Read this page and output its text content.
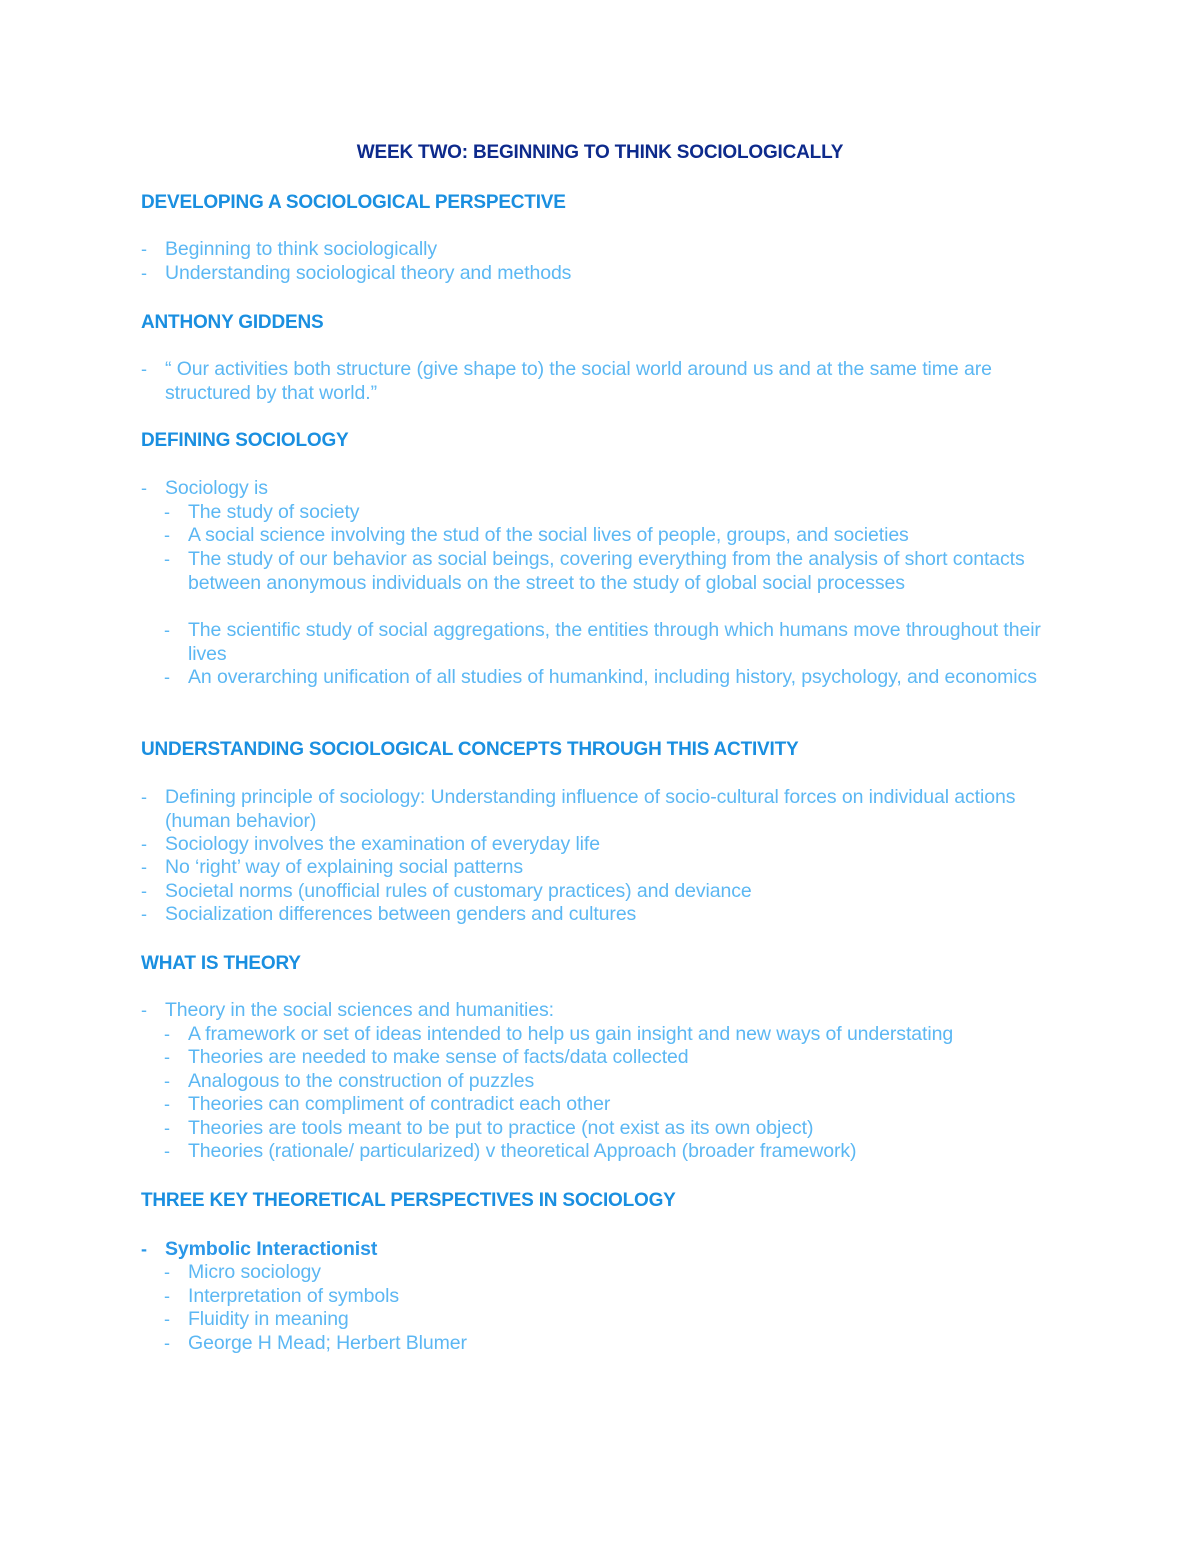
WEEK TWO: BEGINNING TO THINK SOCIOLOGICALLY
DEVELOPING A SOCIOLOGICAL PERSPECTIVE
- Beginning to think sociologically
- Understanding sociological theory and methods
ANTHONY GIDDENS
- “ Our activities both structure (give shape to) the social world around us and at the same time are structured by that world.”
DEFINING SOCIOLOGY
- Sociology is
- The study of society
- A social science involving the stud of the social lives of people, groups, and societies
- The study of our behavior as social beings, covering everything from the analysis of short contacts between anonymous individuals on the street to the study of global social processes
- The scientific study of social aggregations, the entities through which humans move throughout their lives
- An overarching unification of all studies of humankind, including history, psychology, and economics
UNDERSTANDING SOCIOLOGICAL CONCEPTS THROUGH THIS ACTIVITY
- Defining principle of sociology: Understanding influence of socio-cultural forces on individual actions (human behavior)
- Sociology involves the examination of everyday life
- No ‘right’ way of explaining social patterns
- Societal norms (unofficial rules of customary practices) and deviance
- Socialization differences between genders and cultures
WHAT IS THEORY
- Theory in the social sciences and humanities:
- A framework or set of ideas intended to help us gain insight and new ways of understating
- Theories are needed to make sense of facts/data collected
- Analogous to the construction of puzzles
- Theories can compliment of contradict each other
- Theories are tools meant to be put to practice (not exist as its own object)
- Theories (rationale/ particularized) v theoretical Approach (broader framework)
THREE KEY THEORETICAL PERSPECTIVES IN SOCIOLOGY
- Symbolic Interactionist
- Micro sociology
- Interpretation of symbols
- Fluidity in meaning
- George H Mead; Herbert Blumer
